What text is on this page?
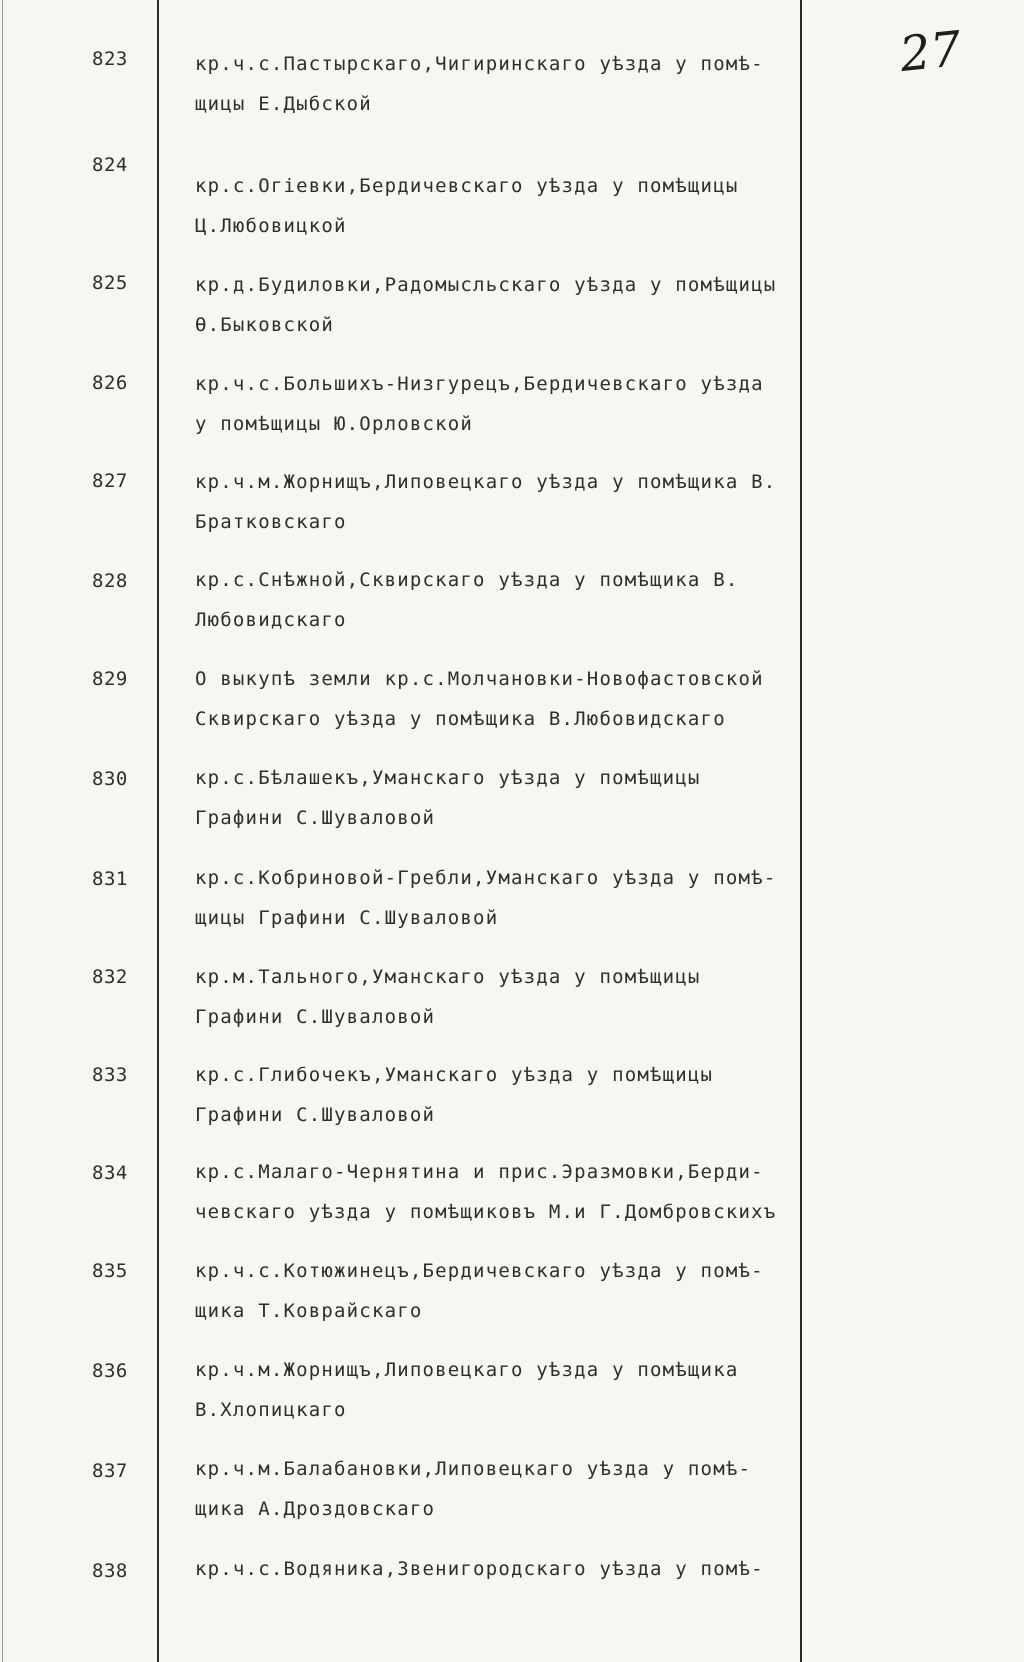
27
823	кр.ч.с.Пастырскаго,Чигиринскаго уѣзда у помѣ-
щицы Е.Дыбской
824
кр.с.Огiевки,Бердичевскаго уѣзда у помѣщицы
Ц.Любовицкой
825	кр.д.Будиловки,Радомысльскаго уѣзда у помѣщицы
Ѳ.Быковской
826	кр.ч.с.Большихъ-Низгурецъ,Бердичевскаго уѣзда
у помѣщицы Ю.Орловской
827	кр.ч.м.Жорнищъ,Липовецкаго уѣзда у помѣщика В.
Братковскаго
828	кр.с.Снѣжной,Сквирскаго уѣзда у помѣщика В.
Любовидскаго
829	О выкупѣ земли кр.с.Молчановки-Новофастовской
Сквирскаго уѣзда у помѣщика В.Любовидскаго
830	кр.с.Бѣлашекъ,Уманскаго уѣзда у помѣщицы
Графини С.Шуваловой
831	кр.с.Кобриновой-Гребли,Уманскаго уѣзда у помѣ-
щицы Графини С.Шуваловой
832	кр.м.Тального,Уманскаго уѣзда у помѣщицы
Графини С.Шуваловой
833	кр.с.Глибочекъ,Уманскаго уѣзда у помѣщицы
Графини С.Шуваловой
834	кр.с.Малаго-Чернятина и прис.Эразмовки,Берди-
чевскаго уѣзда у помѣщиковъ М.и Г.Домбровскихъ
835	кр.ч.с.Котюжинецъ,Бердичевскаго уѣзда у помѣ-
щика Т.Коврайскаго
836	кр.ч.м.Жорнищъ,Липовецкаго уѣзда у помѣщика
В.Хлопицкаго
837	кр.ч.м.Балабановки,Липовецкаго уѣзда у помѣ-
щика А.Дроздовскаго
838	кр.ч.с.Водяника,Звенигородскаго уѣзда у помѣ-
